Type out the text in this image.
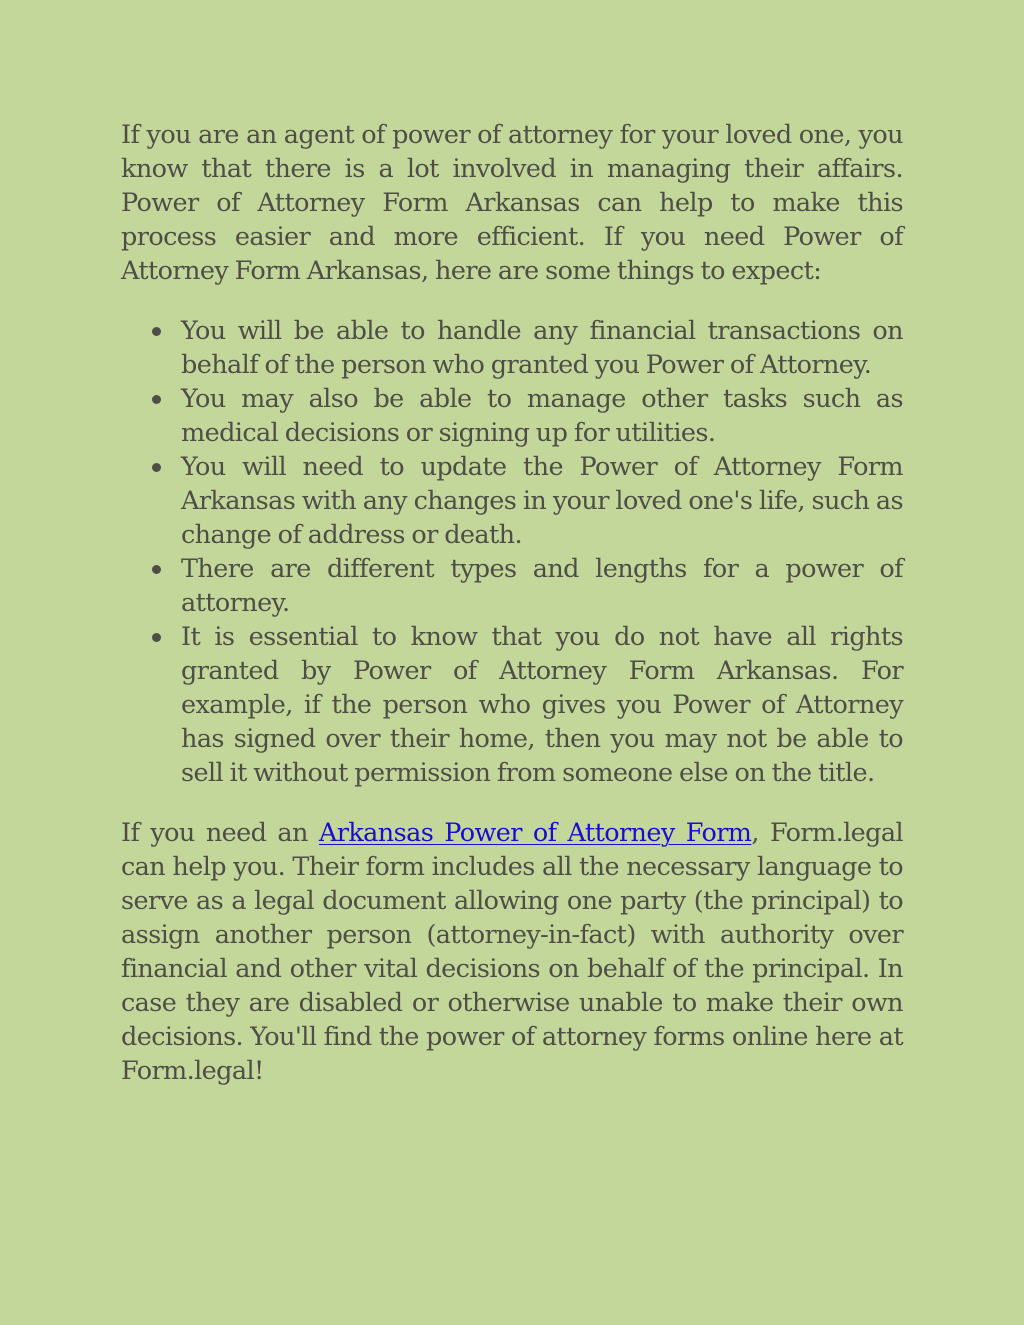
If you are an agent of power of attorney for your loved one, you know that there is a lot involved in managing their affairs. Power of Attorney Form Arkansas can help to make this process easier and more efficient. If you need Power of Attorney Form Arkansas, here are some things to expect:

You will be able to handle any financial transactions on behalf of the person who granted you Power of Attorney.
You may also be able to manage other tasks such as medical decisions or signing up for utilities.
You will need to update the Power of Attorney Form Arkansas with any changes in your loved one's life, such as change of address or death.
There are different types and lengths for a power of attorney.
It is essential to know that you do not have all rights granted by Power of Attorney Form Arkansas. For example, if the person who gives you Power of Attorney has signed over their home, then you may not be able to sell it without permission from someone else on the title.

If you need an Arkansas Power of Attorney Form, Form.legal can help you. Their form includes all the necessary language to serve as a legal document allowing one party (the principal) to assign another person (attorney-in-fact) with authority over financial and other vital decisions on behalf of the principal. In case they are disabled or otherwise unable to make their own decisions. You'll find the power of attorney forms online here at Form.legal!
